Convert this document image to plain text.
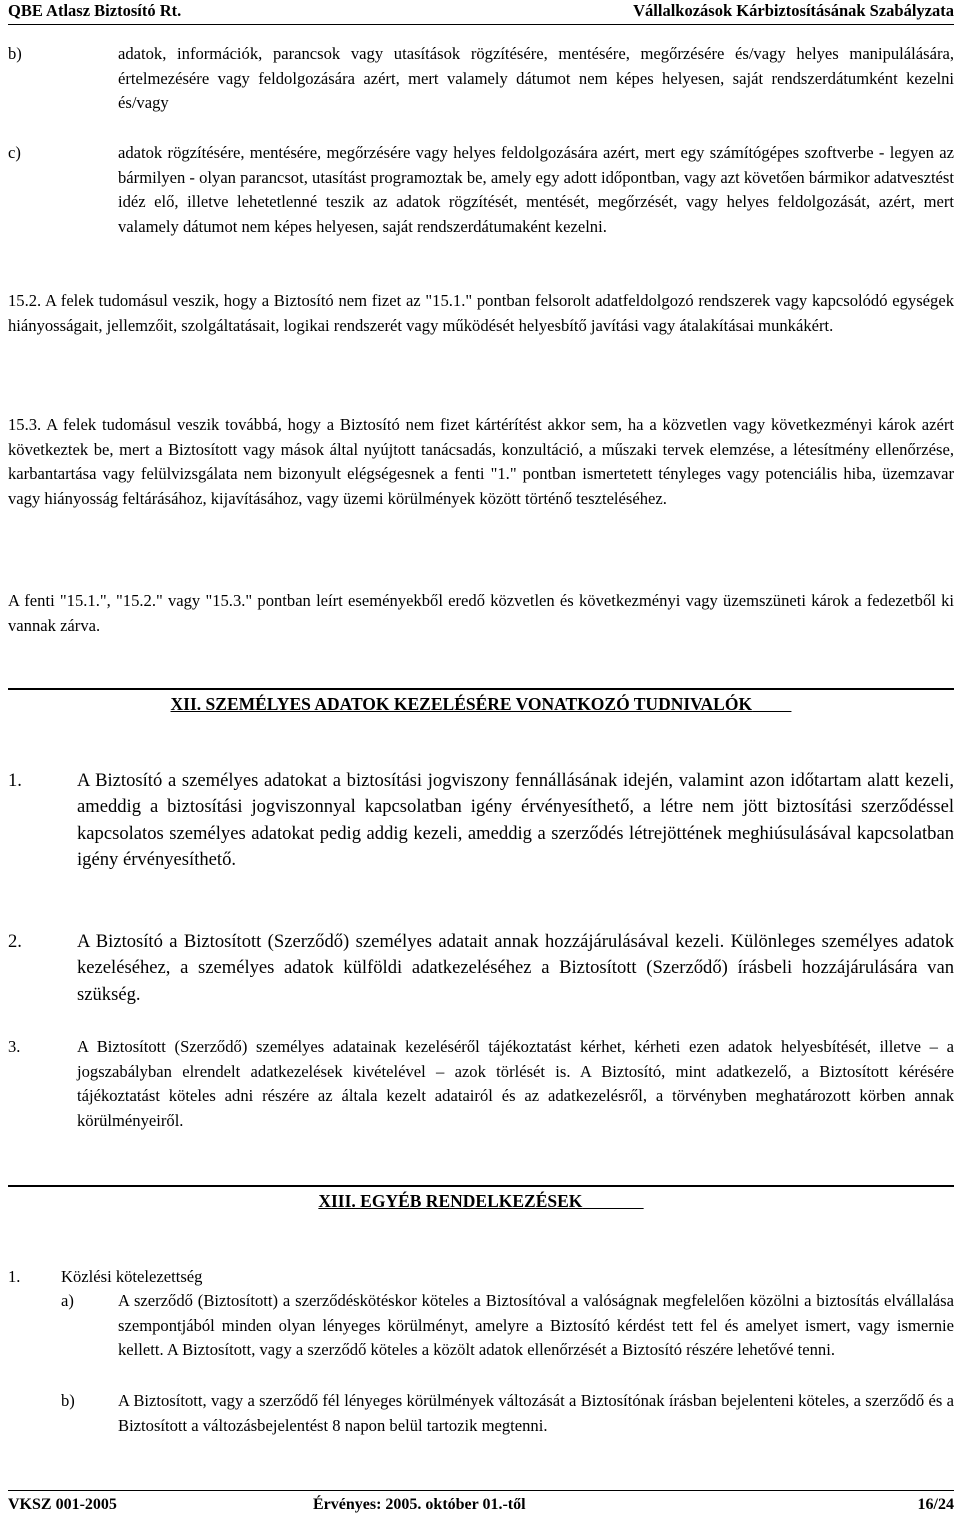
QBE Atlasz Biztosító Rt.	Vállalkozások Kárbiztosításának Szabályzata
b)	adatok, információk, parancsok vagy utasítások rögzítésére, mentésére, megőrzésére és/vagy helyes manipulálására, értelmezésére vagy feldolgozására azért, mert valamely dátumot nem képes helyesen, saját rendszerdátumként kezelni és/vagy

c)	adatok rögzítésére, mentésére, megőrzésére vagy helyes feldolgozására azért, mert egy számítógépes szoftverbe - legyen az bármilyen - olyan parancsot, utasítást programoztak be, amely egy adott időpontban, vagy azt követően bármikor adatvesztést idéz elő, illetve lehetetlenné teszik az adatok rögzítését, mentését, megőrzését, vagy helyes feldolgozását, azért, mert valamely dátumot nem képes helyesen, saját rendszerdátumaként kezelni.

15.2. A felek tudomásul veszik, hogy a Biztosító nem fizet az "15.1." pontban felsorolt adatfeldolgozó rendszerek vagy kapcsolódó egységek hiányosságait, jellemzőit, szolgáltatásait, logikai rendszerét vagy működését helyesbítő javítási vagy átalakításai munkákért.

15.3. A felek tudomásul veszik továbbá, hogy a Biztosító nem fizet kártérítést akkor sem, ha a közvetlen vagy következményi károk azért következtek be, mert a Biztosított vagy mások által nyújtott tanácsadás, konzultáció, a műszaki tervek elemzése, a létesítmény ellenőrzése, karbantartása vagy felülvizsgálata nem bizonyult elégségesnek a fenti "1." pontban ismertetett tényleges vagy potenciális hiba, üzemzavar vagy hiányosság feltárásához, kijavításához, vagy üzemi körülmények között történő teszteléséhez.

A fenti "15.1.", "15.2." vagy "15.3." pontban leírt eseményekből eredő közvetlen és következményi vagy üzemszüneti károk a fedezetből ki vannak zárva.

XII. SZEMÉLYES ADATOK KEZELÉSÉRE VONATKOZÓ TUDNIVALÓK
1.	A Biztosító a személyes adatokat a biztosítási jogviszony fennállásának idején, valamint azon időtartam alatt kezeli, ameddig a biztosítási jogviszonnyal kapcsolatban igény érvényesíthető, a létre nem jött biztosítási szerződéssel kapcsolatos személyes adatokat pedig addig kezeli, ameddig a szerződés létrejöttének meghiúsulásával kapcsolatban igény érvényesíthető.

2.	A Biztosító a Biztosított (Szerződő) személyes adatait annak hozzájárulásával kezeli. Különleges személyes adatok kezeléséhez, a személyes adatok külföldi adatkezeléséhez a Biztosított (Szerződő) írásbeli hozzájárulására van szükség.

3.	A Biztosított (Szerződő) személyes adatainak kezeléséről tájékoztatást kérhet, kérheti ezen adatok helyesbítését, illetve – a jogszabályban elrendelt adatkezelések kivételével – azok törlését is. A Biztosító, mint adatkezelő, a Biztosított kérésére tájékoztatást köteles adni részére az általa kezelt adatairól és az adatkezelésről, a törvényben meghatározott körben annak körülményeiről.

XIII. EGYÉB RENDELKEZÉSEK
1. Közlési kötelezettség
a)	A szerződő (Biztosított) a szerződéskötéskor köteles a Biztosítóval a valóságnak megfelelően közölni a biztosítás elvállalása szempontjából minden olyan lényeges körülményt, amelyre a Biztosító kérdést tett fel és amelyet ismert, vagy ismernie kellett. A Biztosított, vagy a szerződő köteles a közölt adatok ellenőrzését a Biztosító részére lehetővé tenni.

b)	A Biztosított, vagy a szerződő fél lényeges körülmények változását a Biztosítónak írásban bejelenteni köteles, a szerződő és a Biztosított a változásbejelentést 8 napon belül tartozik megtenni.

VKSZ 001-2005	Érvényes: 2005. október 01.-től	16/24
